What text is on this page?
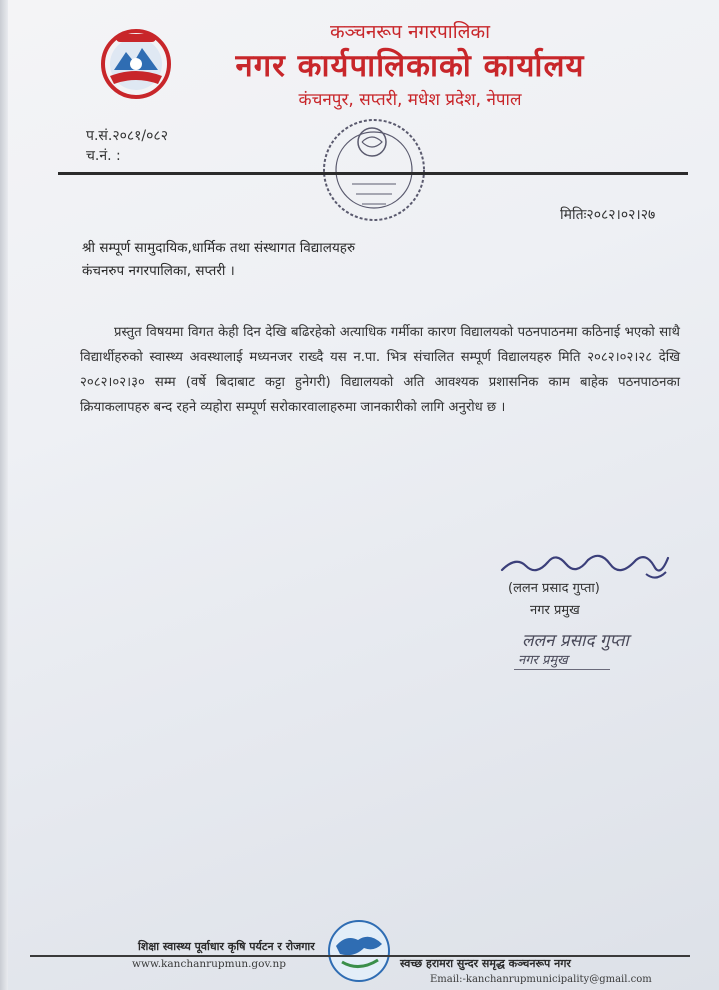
कञ्चनरूप नगरपालिका
नगर कार्यपालिकाको कार्यालय
कंचनपुर, सप्तरी, मधेश प्रदेश, नेपाल
प.सं.२०८१/०८२
च.नं. :
मितिः२०८२।०२।२७
श्री सम्पूर्ण सामुदायिक,धार्मिक तथा संस्थागत विद्यालयहरु
कंचनरुप नगरपालिका, सप्तरी ।
प्रस्तुत विषयमा विगत केही दिन देखि बढिरहेको अत्याधिक गर्मीका कारण विद्यालयको पठनपाठनमा कठिनाई भएको साथै विद्यार्थीहरुको स्वास्थ्य अवस्थालाई मध्यनजर राख्दै यस न.पा. भित्र संचालित सम्पूर्ण विद्यालयहरु मिति २०८२।०२।२८ देखि २०८२।०२।३० सम्म (वर्षे बिदाबाट कट्टा हुनेगरी) विद्यालयको अति आवश्यक प्रशासनिक काम बाहेक पठनपाठनका क्रियाकलापहरु बन्द रहने व्यहोरा सम्पूर्ण सरोकारवालाहरुमा जानकारीको लागि अनुरोध छ ।
(ललन प्रसाद गुप्ता)
नगर प्रमुख
ललन प्रसाद गुप्ता
नगर प्रमुख
शिक्षा स्वास्थ्य पूर्वाधार कृषि पर्यटन र रोजगार
www.kanchanrupmun.gov.np	स्वच्छ हरामरा सुन्दर समृद्ध कञ्चनरूप नगर
Email:-kanchanrupmunicipality@gmail.com
